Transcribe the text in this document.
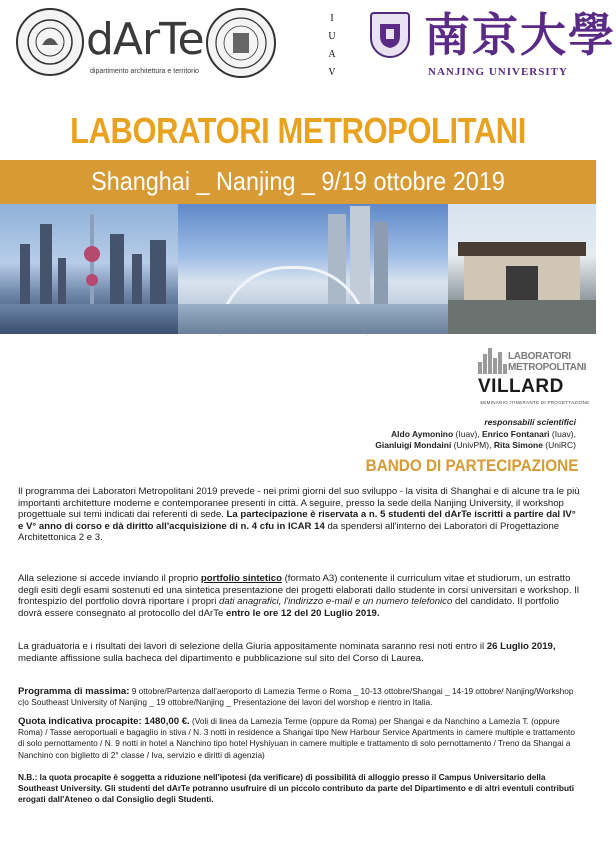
dArTe
dipartimento architettura e territorio
I
U
A
V
南京大學
NANJING UNIVERSITY
LABORATORI METROPOLITANI
Shanghai _ Nanjing _ 9/19 ottobre 2019
LABORATORI
METROPOLITANI
VILLARD
SEMINARIO ITINERANTE DI PROGETTAZIONE
responsabili scientifici
Aldo Aymonino (Iuav), Enrico Fontanari (Iuav),
Gianluigi Mondaini (UnivPM), Rita Simone (UniRC)
BANDO DI PARTECIPAZIONE
Il programma dei Laboratori Metropolitani 2019 prevede - nei primi giorni del suo sviluppo - la visita di Shanghai e di alcune tra le più importanti architetture moderne e contemporanee presenti in città. A seguire, presso la sede della Nanjing University, il workshop progettuale sui temi indicati dai referenti di sede. La partecipazione è riservata a n. 5 studenti del dArTe iscritti a partire dal IV° e V° anno di corso e dà diritto all'acquisizione di n. 4 cfu in ICAR 14 da spendersi all'interno dei Laboratori di Progettazione Architettonica 2 e 3.
Alla selezione si accede inviando il proprio portfolio sintetico (formato A3) contenente il curriculum vitae et studiorum, un estratto degli esiti degli esami sostenuti ed una sintetica presentazione dei progetti elaborati dallo studente in corsi universitari e workshop. Il frontespizio del portfolio dovrà riportare i propri dati anagrafici, l'indirizzo e-mail e un numero telefonico del candidato. Il portfolio dovrà essere consegnato al protocollo del dArTe entro le ore 12 del 20 Luglio 2019.
La graduatoria e i risultati dei lavori di selezione della Giuria appositamente nominata saranno resi noti entro il 26 Luglio 2019, mediante affissione sulla bacheca del dipartimento e pubblicazione sul sito del Corso di Laurea.
Programma di massima: 9 ottobre/Partenza dall'aeroporto di Lamezia Terme o Roma _ 10-13 ottobre/Shangai _ 14-19 ottobre/ Nanjing/Workshop c|o Southeast University of Nanjing _ 19 ottobre/Nanjing _ Presentazione dei lavori del worshop e rientro in Italia.
Quota indicativa procapite: 1480,00 €. (Voli di linea da Lamezia Terme (oppure da Roma) per Shangai e da Nanchino a Lamezia T. (oppure Roma) / Tasse aeroportuali e bagaglio in stiva / N. 3 notti in residence a Shangai tipo New Harbour Service Apartments in camere multiple e trattamento di solo pernottamento / N. 9 notti in hotel a Nanchino tipo hotel Hyshiyuan in camere multiple e trattamento di solo pernottamento / Treno da Shangai a Nanchino con biglietto di 2° classe / Iva, servizio e diritti di agenzia)
N.B.: la quota procapite è soggetta a riduzione nell'ipotesi (da verificare) di possibilità di alloggio presso il Campus Universitario della Southeast University. Gli studenti del dArTe potranno usufruire di un piccolo contributo da parte del Dipartimento e di altri eventuli contributi erogati dall'Ateneo o dal Consiglio degli Studenti.
